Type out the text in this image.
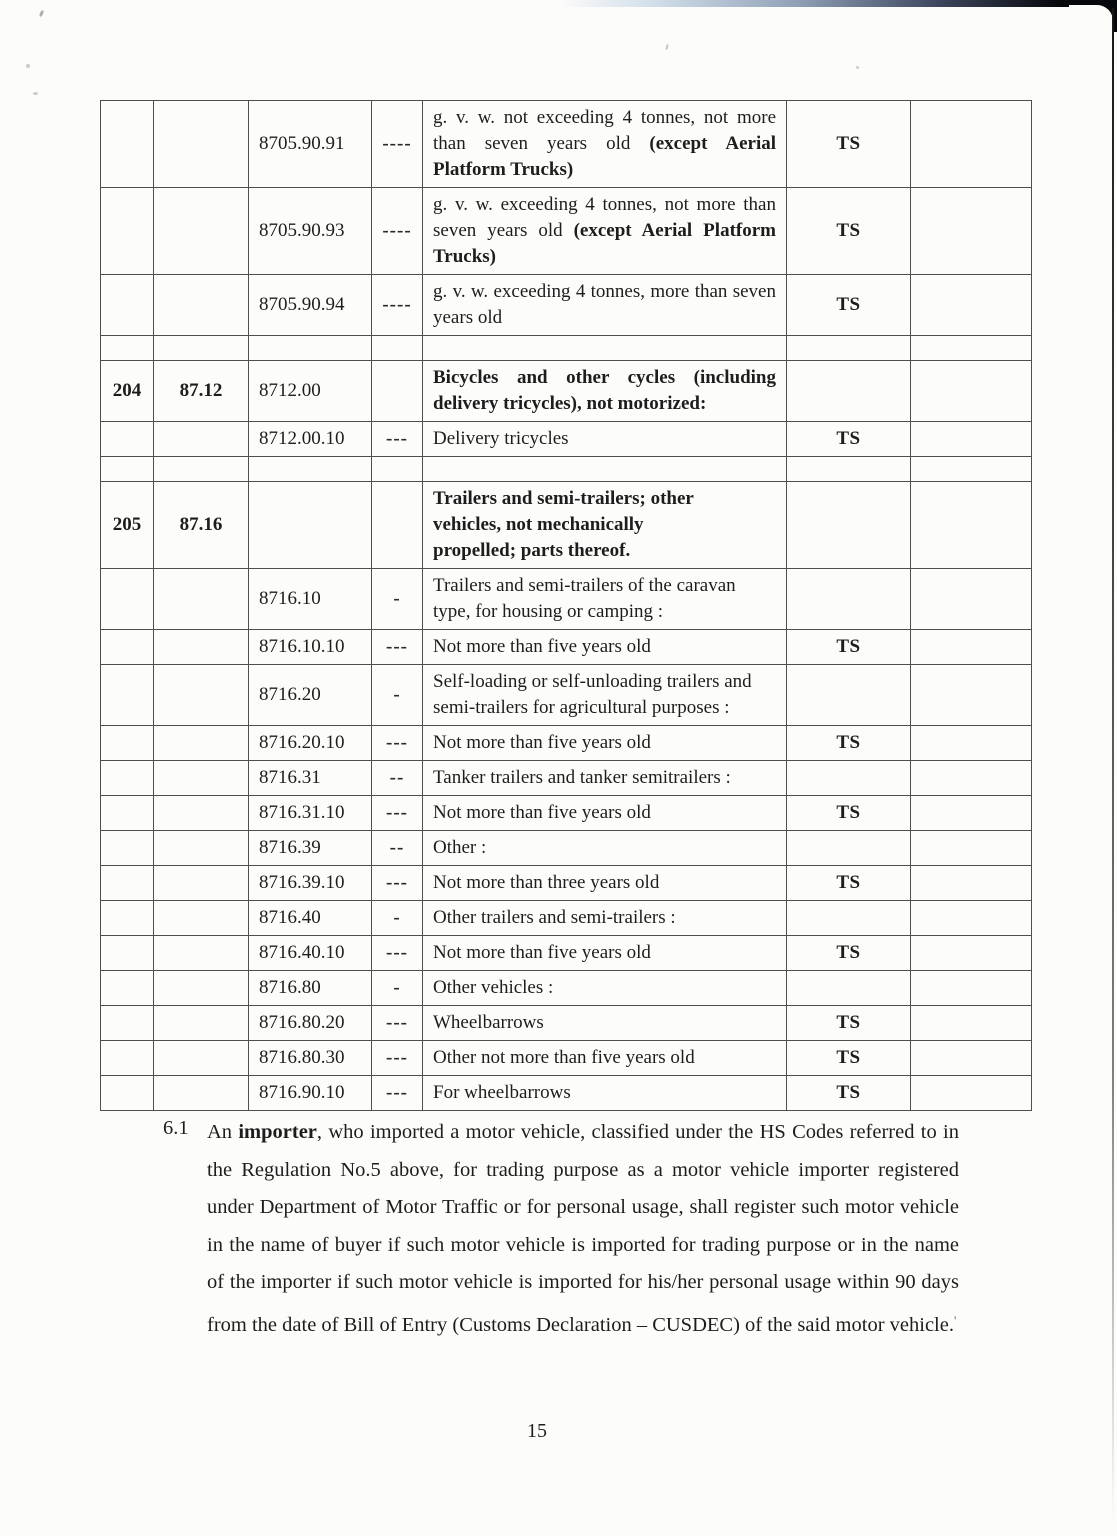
		8705.90.91	----	g. v. w. not exceeding 4 tonnes, not more than seven years old (except Aerial Platform Trucks)	TS	
		8705.90.93	----	g. v. w. exceeding 4 tonnes, not more than seven years old (except Aerial Platform Trucks)	TS	
		8705.90.94	----	g. v. w. exceeding 4 tonnes, more than seven years old	TS	

204	87.12	8712.00		Bicycles and other cycles (including delivery tricycles), not motorized:		
		8712.00.10	---	Delivery tricycles	TS	

205	87.16			Trailers and semi-trailers; other
vehicles, not mechanically
propelled; parts thereof.		
		8716.10	-	Trailers and semi-trailers of the caravan type, for housing or camping :		
		8716.10.10	---	Not more than five years old	TS	
		8716.20	-	Self-loading or self-unloading trailers and semi-trailers for agricultural purposes :		
		8716.20.10	---	Not more than five years old	TS	
		8716.31	--	Tanker trailers and tanker semitrailers :		
		8716.31.10	---	Not more than five years old	TS	
		8716.39	--	Other :		
		8716.39.10	---	Not more than three years old	TS	
		8716.40	-	Other trailers and semi-trailers :		
		8716.40.10	---	Not more than five years old	TS	
		8716.80	-	Other vehicles :		
		8716.80.20	---	Wheelbarrows	TS	
		8716.80.30	---	Other not more than five years old	TS	
		8716.90.10	---	For wheelbarrows	TS	
6.1 An importer, who imported a motor vehicle, classified under the HS Codes referred to in the Regulation No.5 above, for trading purpose as a motor vehicle importer registered under Department of Motor Traffic or for personal usage, shall register such motor vehicle in the name of buyer if such motor vehicle is imported for trading purpose or in the name of the importer if such motor vehicle is imported for his/her personal usage within 90 days from the date of Bill of Entry (Customs Declaration – CUSDEC) of the said motor vehicle.'
15
